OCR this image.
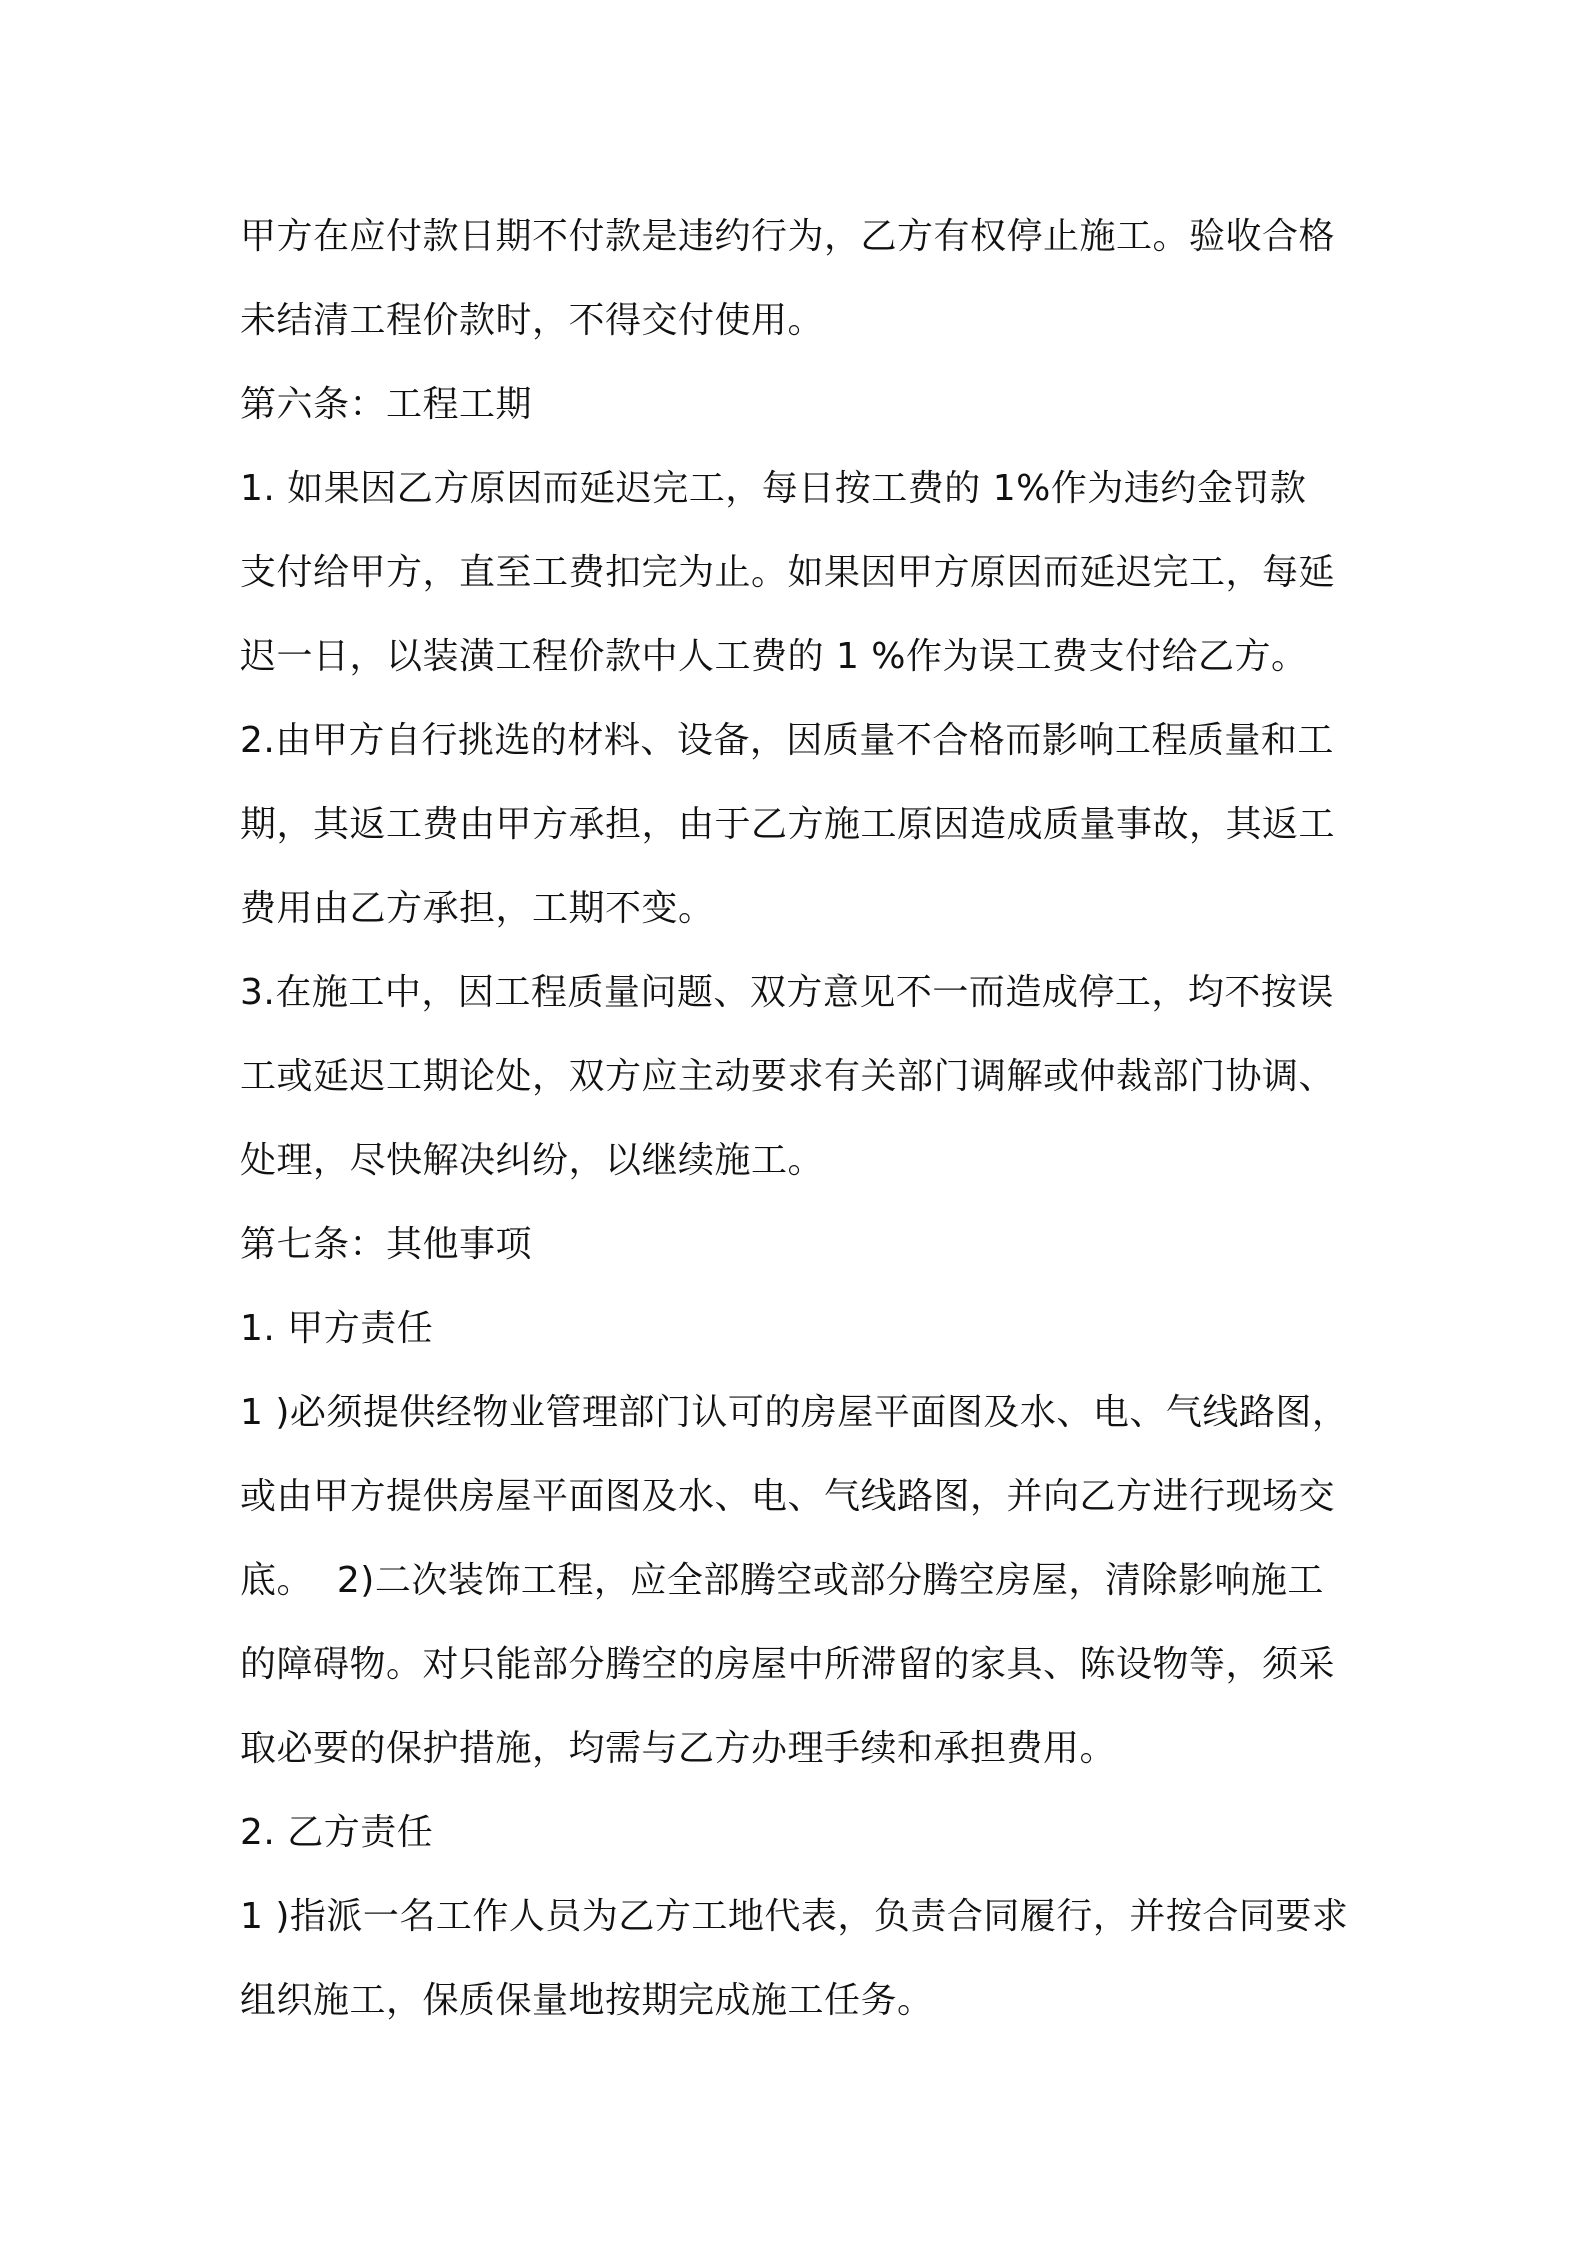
甲方在应付款日期不付款是违约行为，乙方有权停止施工。验收合格

未结清工程价款时，不得交付使用。

第六条：工程工期

1. 如果因乙方原因而延迟完工，每日按工费的 1%作为违约金罚款

支付给甲方，直至工费扣完为止。如果因甲方原因而延迟完工，每延

迟一日，以装潢工程价款中人工费的 1 %作为误工费支付给乙方。

2.由甲方自行挑选的材料、设备，因质量不合格而影响工程质量和工

期，其返工费由甲方承担，由于乙方施工原因造成质量事故，其返工

费用由乙方承担，工期不变。

3.在施工中，因工程质量问题、双方意见不一而造成停工，均不按误

工或延迟工期论处，双方应主动要求有关部门调解或仲裁部门协调、

处理，尽快解决纠纷，以继续施工。

第七条：其他事项

1. 甲方责任

1 )必须提供经物业管理部门认可的房屋平面图及水、电、气线路图，

或由甲方提供房屋平面图及水、电、气线路图，并向乙方进行现场交

底。  2)二次装饰工程，应全部腾空或部分腾空房屋，清除影响施工

的障碍物。对只能部分腾空的房屋中所滞留的家具、陈设物等，须采

取必要的保护措施，均需与乙方办理手续和承担费用。

2. 乙方责任

1 )指派一名工作人员为乙方工地代表，负责合同履行，并按合同要求

组织施工，保质保量地按期完成施工任务。
